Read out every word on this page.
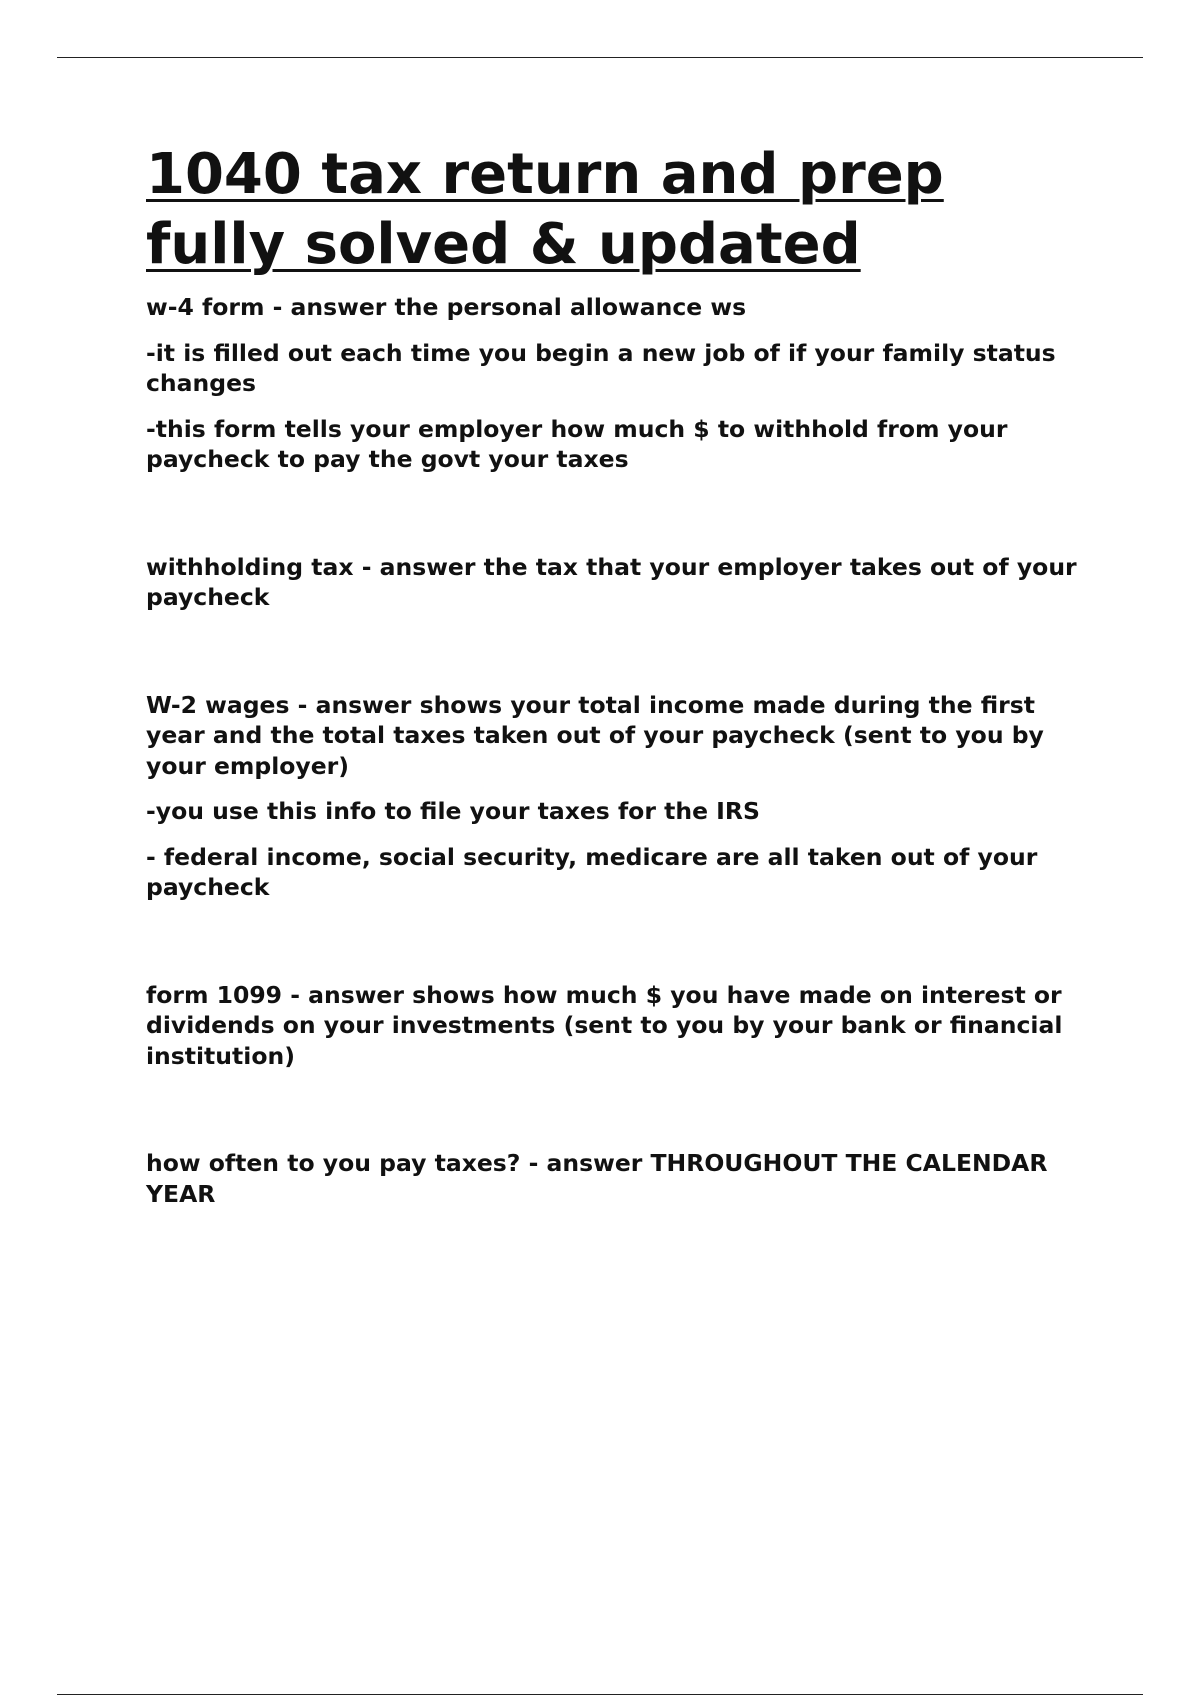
1040 tax return and prep
fully solved & updated

w-4 form - answer the personal allowance ws

-it is filled out each time you begin a new job of if your family status changes

-this form tells your employer how much $ to withhold from your paycheck to pay the govt your taxes

withholding tax - answer the tax that your employer takes out of your paycheck

W-2 wages - answer shows your total income made during the first year and the total taxes taken out of your paycheck (sent to you by your employer)

-you use this info to file your taxes for the IRS

- federal income, social security, medicare are all taken out of your paycheck

form 1099 - answer shows how much $ you have made on interest or dividends on your investments (sent to you by your bank or financial institution)

how often to you pay taxes? - answer THROUGHOUT THE CALENDAR YEAR
